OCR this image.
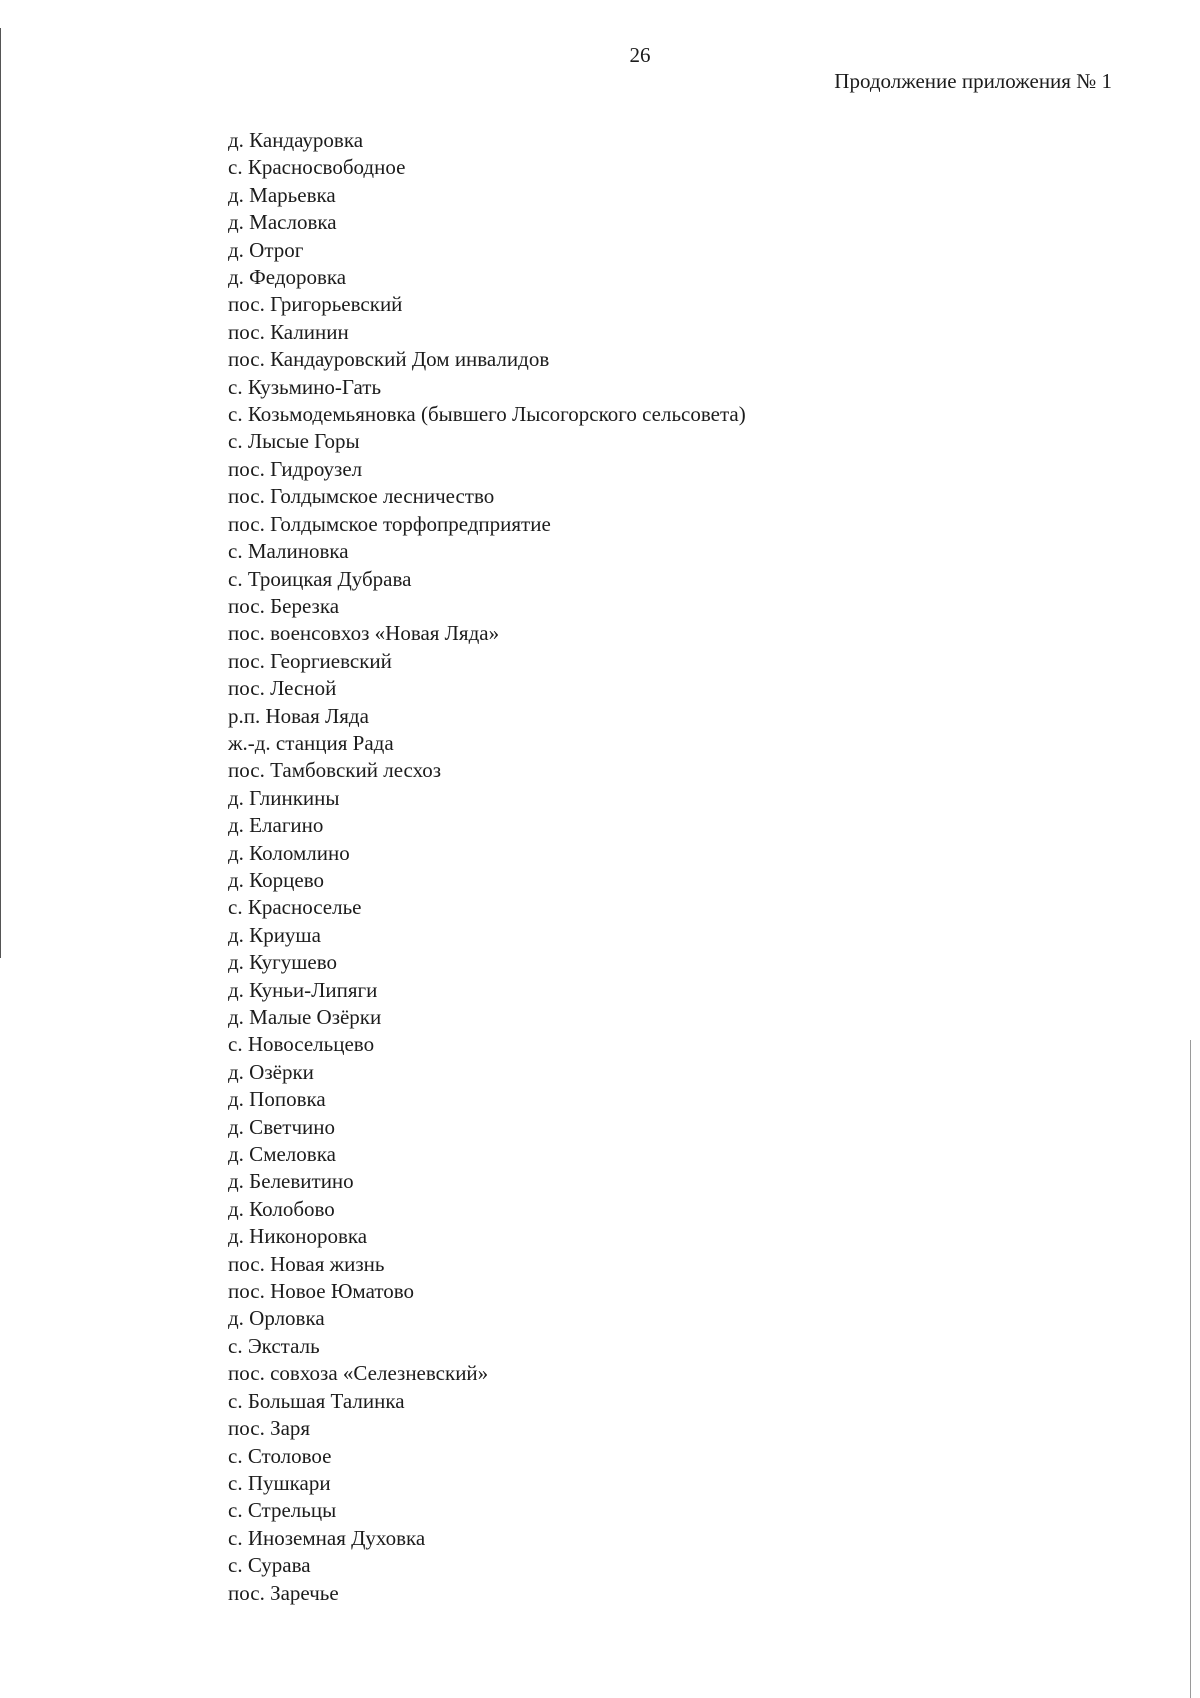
26
Продолжение приложения № 1
д. Кандауровка
с. Красносвободное
д. Марьевка
д. Масловка
д. Отрог
д. Федоровка
пос. Григорьевский
пос. Калинин
пос. Кандауровский Дом инвалидов
с. Кузьмино-Гать
с. Козьмодемьяновка (бывшего Лысогорского сельсовета)
с. Лысые Горы
пос. Гидроузел
пос. Голдымское лесничество
пос. Голдымское торфопредприятие
с. Малиновка
с. Троицкая Дубрава
пос. Березка
пос. военсовхоз «Новая Ляда»
пос. Георгиевский
пос. Лесной
р.п. Новая Ляда
ж.-д. станция Рада
пос. Тамбовский лесхоз
д. Глинкины
д. Елагино
д. Коломлино
д. Корцево
с. Красноселье
д. Криуша
д. Кугушево
д. Куньи-Липяги
д. Малые Озёрки
с. Новосельцево
д. Озёрки
д. Поповка
д. Светчино
д. Смеловка
д. Белевитино
д. Колобово
д. Никоноровка
пос. Новая жизнь
пос. Новое Юматово
д. Орловка
с. Эксталь
пос. совхоза «Селезневский»
с. Большая Талинка
пос. Заря
с. Столовое
с. Пушкари
с. Стрельцы
с. Иноземная Духовка
с. Сурава
пос. Заречье
